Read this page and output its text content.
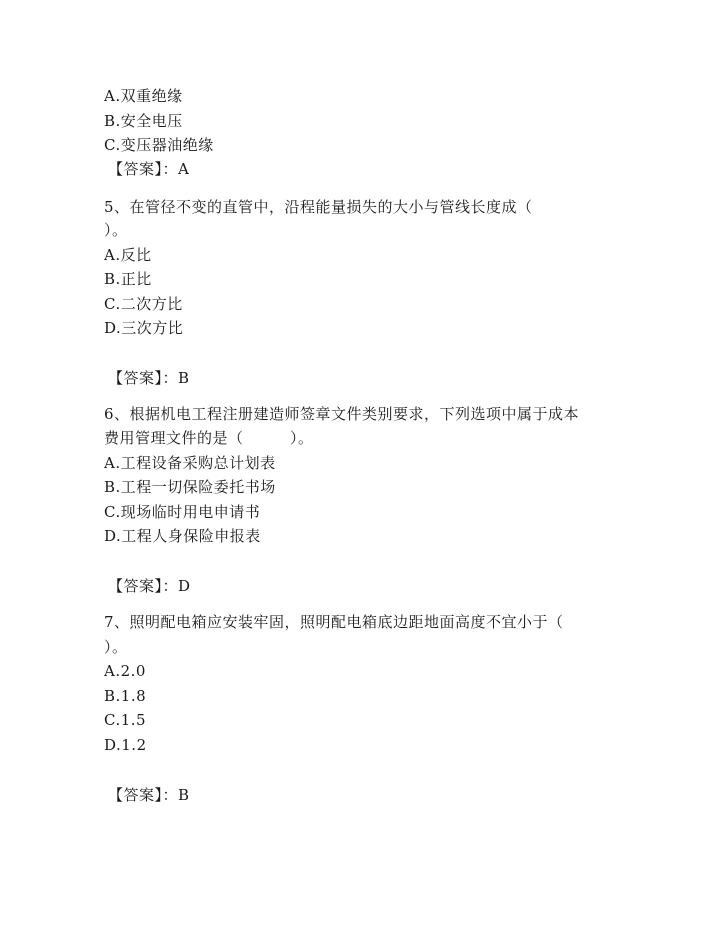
A.双重绝缘
B.安全电压
C.变压器油绝缘
【答案】：A
5、在管径不变的直管中，沿程能量损失的大小与管线长度成（
）。
A.反比
B.正比
C.二次方比
D.三次方比
【答案】：B
6、根据机电工程注册建造师签章文件类别要求，下列选项中属于成本
费用管理文件的是（　　　）。
A.工程设备采购总计划表
B.工程一切保险委托书场
C.现场临时用电申请书
D.工程人身保险申报表
【答案】：D
7、照明配电箱应安装牢固，照明配电箱底边距地面高度不宜小于（
）。
A.2.0
B.1.8
C.1.5
D.1.2
【答案】：B
